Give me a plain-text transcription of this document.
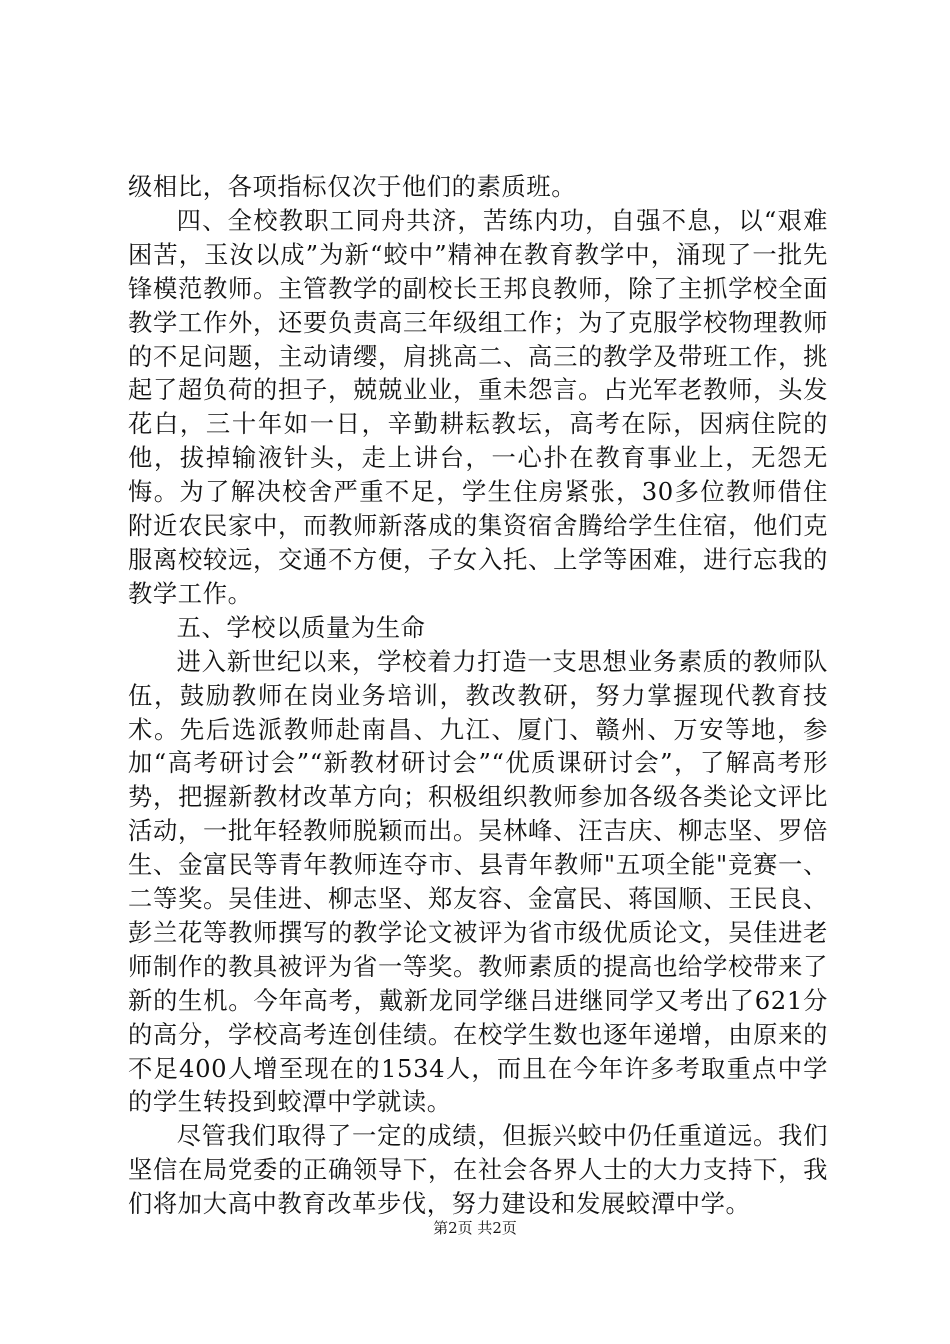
级相比，各项指标仅次于他们的素质班。

四、全校教职工同舟共济，苦练内功，自强不息，以“艰难困苦，玉汝以成”为新“蛟中”精神在教育教学中，涌现了一批先锋模范教师。主管教学的副校长王邦良教师，除了主抓学校全面教学工作外，还要负责高三年级组工作；为了克服学校物理教师的不足问题，主动请缨，肩挑高二、高三的教学及带班工作，挑起了超负荷的担子，兢兢业业，重未怨言。占光军老教师，头发花白，三十年如一日，辛勤耕耘教坛，高考在际，因病住院的他，拔掉输液针头，走上讲台，一心扑在教育事业上，无怨无悔。为了解决校舍严重不足，学生住房紧张，30多位教师借住附近农民家中，而教师新落成的集资宿舍腾给学生住宿，他们克服离校较远，交通不方便，子女入托、上学等困难，进行忘我的教学工作。

五、学校以质量为生命

进入新世纪以来，学校着力打造一支思想业务素质的教师队伍，鼓励教师在岗业务培训，教改教研，努力掌握现代教育技术。先后选派教师赴南昌、九江、厦门、赣州、万安等地，参加“高考研讨会”“新教材研讨会”“优质课研讨会”，了解高考形势，把握新教材改革方向；积极组织教师参加各级各类论文评比活动，一批年轻教师脱颖而出。吴林峰、汪吉庆、柳志坚、罗倍生、金富民等青年教师连夺市、县青年教师"五项全能"竞赛一、二等奖。吴佳进、柳志坚、郑友容、金富民、蒋国顺、王民良、彭兰花等教师撰写的教学论文被评为省市级优质论文，吴佳进老师制作的教具被评为省一等奖。教师素质的提高也给学校带来了新的生机。今年高考，戴新龙同学继吕进继同学又考出了621分的高分，学校高考连创佳绩。在校学生数也逐年递增，由原来的不足400人增至现在的1534人，而且在今年许多考取重点中学的学生转投到蛟潭中学就读。

尽管我们取得了一定的成绩，但振兴蛟中仍任重道远。我们坚信在局党委的正确领导下，在社会各界人士的大力支持下，我们将加大高中教育改革步伐，努力建设和发展蛟潭中学。

第2页 共2页
